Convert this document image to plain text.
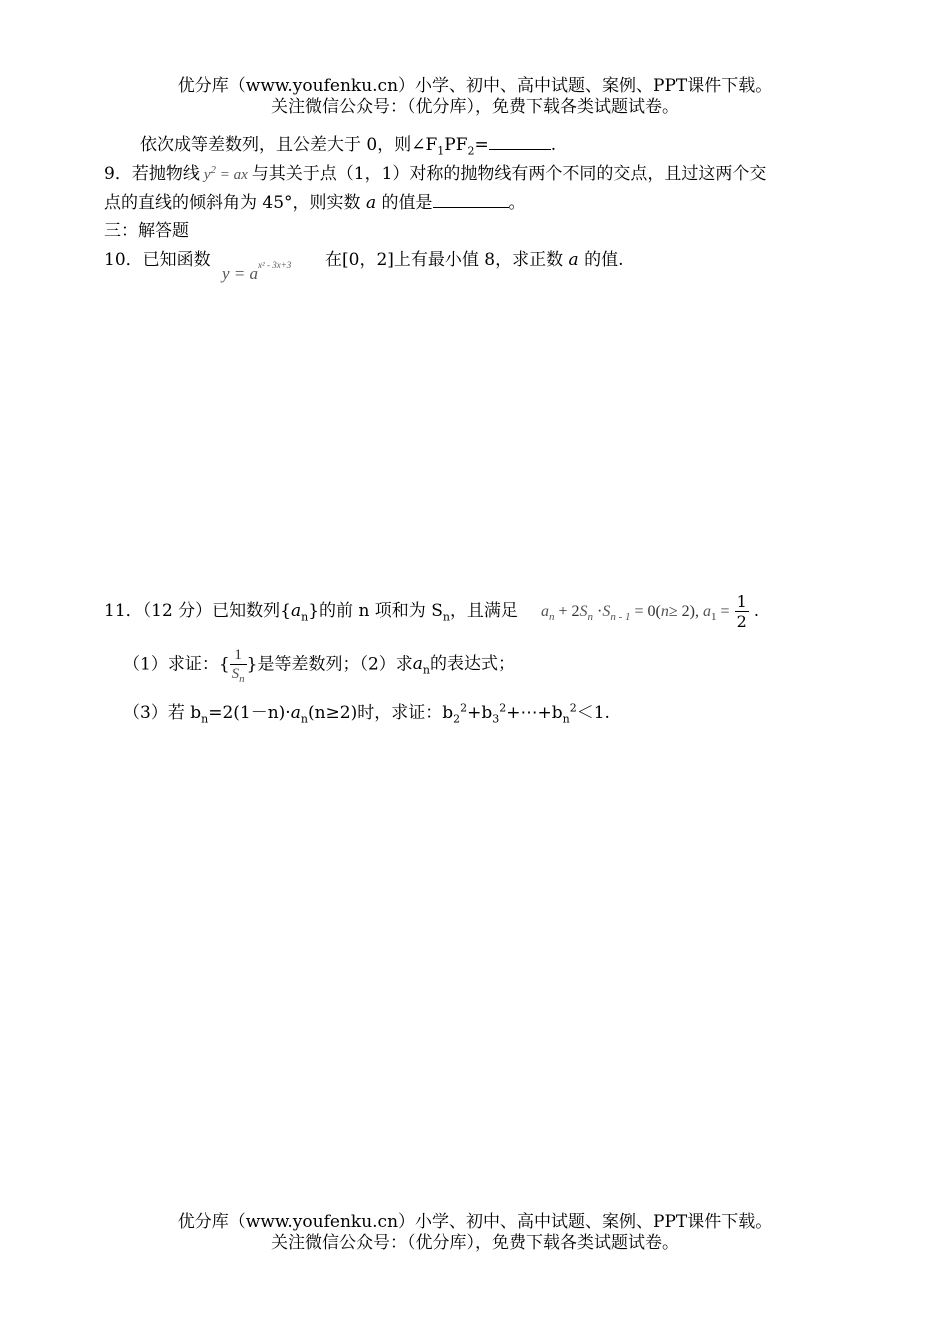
优分库（www.youfenku.cn）小学、初中、高中试题、案例、PPT课件下载。
关注微信公众号：（优分库），免费下载各类试题试卷。
依次成等差数列，且公差大于 0，则$\angle F_1PF_2=$	.
9．若抛物线 $y^2$ = ax 与其关于点（1，1）对称的抛物线有两个不同的交点，且过这两个交
点的直线的倾斜角为 45°，则实数 a 的值是	。
三：解答题
10．已知函数
$y = a^{x^2 - 3x+3}$ 在[0，2]上有最小值 8，求正数 a 的值.
11．（12 分）已知数列$\{a_n\}$的前 n 项和为 $S_n$，且满足 $a_n + 2S_n \cdot S_{n - 1} = 0(n\ge 2)$, $a_1 = \frac{1}{2}$ .
（1）求证：{ $\frac{1}{S_n}$ }是等差数列；（2）求$a_n$的表达式；
（3）若 $b_n=2(1-n)\cdot a_n(n\ge 2)$时，求证：$b_2^2+b_3^2+\cdots+b_n^2<1$.
优分库（www.youfenku.cn）小学、初中、高中试题、案例、PPT课件下载。
关注微信公众号：（优分库），免费下载各类试题试卷。
